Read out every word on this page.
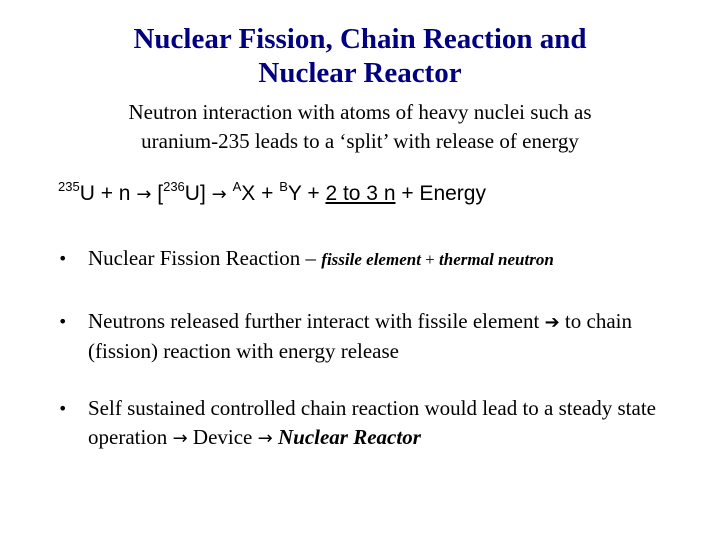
Nuclear Fission, Chain Reaction and
Nuclear Reactor
Neutron interaction with atoms of heavy nuclei such as
uranium-235 leads to a ‘split’ with release of energy
$^{235}$U + n → [$^{236}$U] → $^A$X + $^B$Y + 2 to 3 n + Energy
• Nuclear Fission Reaction – fissile element + thermal neutron
• Neutrons released further interact with fissile element ➔ to chain (fission) reaction with energy release
• Self sustained controlled chain reaction would lead to a steady state operation → Device → Nuclear Reactor
